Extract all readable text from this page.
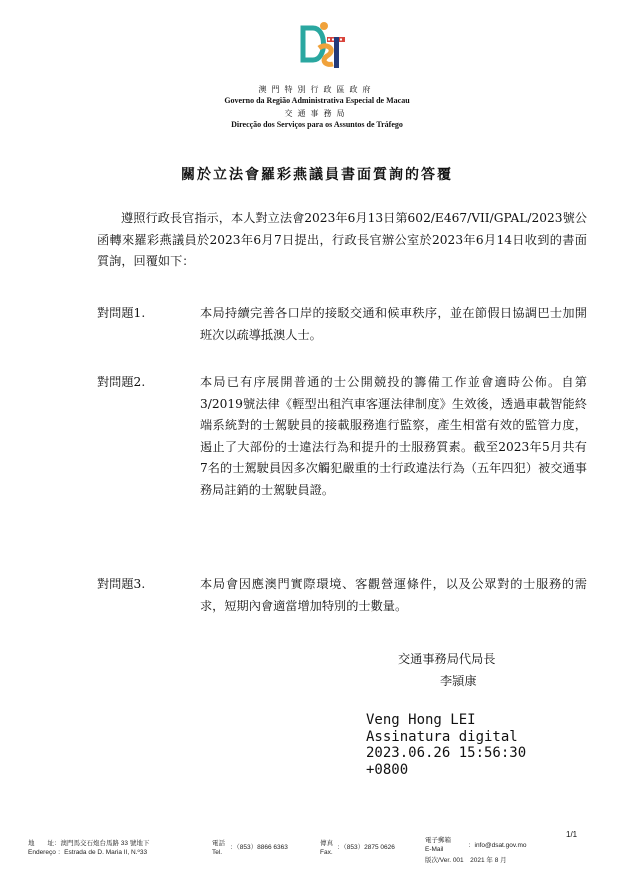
澳門特別行政區政府
Governo da Região Administrativa Especial de Macau
交通事務局
Direcção dos Serviços para os Assuntos de Tráfego
關於立法會羅彩燕議員書面質詢的答覆
遵照行政長官指示，本人對立法會2023年6月13日第602/E467/VII/GPAL/2023號公函轉來羅彩燕議員於2023年6月7日提出，行政長官辦公室於2023年6月14日收到的書面質詢，回覆如下：
對問題1.	本局持續完善各口岸的接駁交通和候車秩序，並在節假日協調巴士加開班次以疏導抵澳人士。
對問題2.	本局已有序展開普通的士公開競投的籌備工作並會適時公佈。自第3/2019號法律《輕型出租汽車客運法律制度》生效後，透過車載智能終端系統對的士駕駛員的接載服務進行監察，產生相當有效的監管力度，遏止了大部份的士違法行為和提升的士服務質素。截至2023年5月共有7名的士駕駛員因多次觸犯嚴重的士行政違法行為（五年四犯）被交通事務局註銷的士駕駛員證。
對問題3.	本局會因應澳門實際環境、客觀營運條件，以及公眾對的士服務的需求，短期內會適當增加特別的士數量。
交通事務局代局長
李頴康
Veng Hong LEI
Assinatura digital
2023.06.26 15:56:30
+0800
1/1
地　　址：澳門馬交石炮台馬路 33 號地下
Endereço ：Estrada de D. Maria II, N.º33
電話
Tel.
：（853）8866 6363
傳真
Fax.
：（853）2875 0626
電子郵箱
E-Mail
：info@dsat.gov.mo
版次/Ver. 001　2021 年 8 月
